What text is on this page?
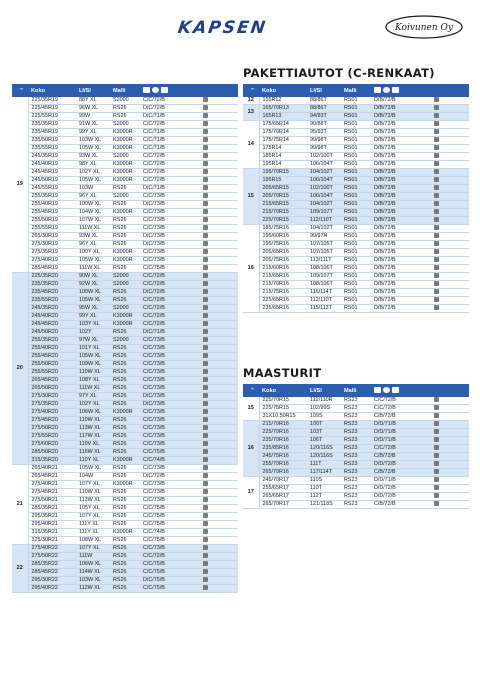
KAPSEN	Koivunen Oy
PAKETTIAUTOT (C-RENKAAT)
MAASTURIT
"	Koko	LI/SI	Malli		

19	225/35R19	88Y XL	S2000	C/C/72/B	
	225/45R19	96W XL	RS26	D/C/72/B	
	225/55R19	99W	RS26	D/C/71/B	
	235/35R19	91W XL	S2000	C/C/72/B	
	235/45R19	99Y XL	K3000R	C/C/71/B	
	235/50R19	103W XL	K3000R	C/C/71/B	
	235/55R19	105W XL	K3000R	C/C/71/B	
	245/35R19	93W XL	S2000	C/C/72/B	
	245/40R19	98Y XL	K3000R	C/C/72/B	
	245/45R19	102Y XL	K3000R	C/C/72/B	
	245/50R19	105W XL	K3000R	C/C/72/B	
	245/55R19	103W	RS26	D/C/71/B	
	255/35R19	96Y XL	S2000	C/C/73/B	
	255/40R19	100W XL	RS26	D/C/73/B	
	255/45R19	104W XL	K3000R	C/C/73/B	
	255/50R19	107W XL	RS26	C/C/73/B	
	255/55R19	111W XL	RS26	C/C/73/B	
	265/30R19	93W XL	RS26	D/C/73/B	
	275/30R19	96Y XL	RS26	D/C/73/B	
	275/35R19	100Y XL	K3000R	C/C/73/B	
	275/40R19	105W XL	K3000R	C/C/73/B	
	285/45R19	111W XL	RS26	C/C/75/B	
20	225/35R20	90W XL	S2000	C/C/72/B	
	235/35R20	92W XL	S2000	C/C/72/B	
	235/45R20	100W XL	RS26	D/C/72/B	
	235/55R20	105W XL	RS26	C/C/72/B	
	245/35R20	95W XL	S2000	C/C/72/B	
	245/40R20	99Y XL	K3000R	C/C/72/B	
	245/45R20	103Y XL	K3000R	C/C/72/B	
	245/50R20	102Y	RS26	D/C/71/B	
	255/35R20	97W XL	S2000	C/C/73/B	
	255/40R20	101Y XL	RS26	C/C/73/B	
	255/45R20	105W XL	RS26	C/C/73/B	
	255/50R20	109W XL	RS26	C/C/73/B	
	255/55R20	110W XL	RS26	C/C/73/B	
	265/45R20	108Y XL	RS26	C/C/73/B	
	265/50R20	111W XL	RS26	C/C/73/B	
	275/30R20	97Y XL	RS26	D/C/73/B	
	275/35R20	102Y XL	RS26	D/C/73/B	
	275/40R20	106W XL	K3000R	C/C/73/B	
	275/45R20	110W XL	RS26	C/C/73/B	
	275/50R20	113W XL	RS26	C/C/73/B	
	275/55R20	117W XL	RS26	C/C/73/B	
	275/60R20	119V XL	RS26	C/C/73/B	
	285/50R20	116W XL	RS26	C/C/75/B	
	315/35R20	110Y XL	K3000R	C/C/74/B	
21	265/40R21	105W XL	RS26	C/C/73/B	
	265/45R21	104W	RS26	D/C/72/B	
	275/40R21	107Y XL	K3000R	C/C/73/B	
	275/45R21	110W XL	RS26	C/C/73/B	
	275/50R21	113W XL	RS26	C/C/73/B	
	285/35R21	105Y XL	RS26	C/C/75/B	
	295/35R21	107Y XL	RS26	C/C/75/B	
	295/40R21	111Y XL	RS26	C/C/75/B	
	315/35R21	111Y XL	K3000R	C/C/74/B	
	325/30R21	108W XL	RS26	C/C/75/B	
22	275/40R22	107Y XL	RS26	C/C/73/B	
	275/50R22	111W	RS26	C/C/72/B	
	285/35R22	106W XL	RS26	C/C/75/B	
	285/45R22	114W XL	RS26	C/C/75/B	
	295/30R22	103W XL	RS26	D/C/75/B	
	295/40R22	112W XL	RS26	C/C/75/B	
"	Koko	LI/SI	Malli		

12	155R12	88/86T	RS01	D/B/72/B	
13	165/70R13	88/86T	RS01	D/B/72/B	
	165R13	94/93T	RS01	D/B/72/B	
14	175/65R14	90/88T	RS01	D/B/72/B	
	175/70R14	95/93T	RS01	D/B/72/B	
	175/75R14	99/98T	RS01	D/B/72/B	
	175R14	99/98T	RS01	D/B/72/B	
	185R14	102/100T	RS01	D/B/72/B	
	195R14	106/104T	RS01	D/B/72/B	
15	195/70R15	104/102T	RS01	D/B/72/B	
	195R15	106/104T	RS01	D/B/72/B	
	205/65R15	102/100T	RS01	D/B/72/B	
	205/70R15	106/104T	RS01	D/B/72/B	
	215/65R15	104/102T	RS01	D/B/72/B	
	215/70R15	109/107T	RS01	D/B/72/B	
	225/70R15	112/110T	RS01	D/B/72/B	
16	185/75R16	104/102T	RS01	D/B/72/B	
	195/60R16	99/97H	RS01	D/B/72/B	
	195/75R16	107/105T	RS01	D/B/72/B	
	205/65R16	107/105T	RS01	D/B/72/B	
	205/75R16	113/111T	RS01	D/B/72/B	
	215/60R16	108/106T	RS01	D/B/72/B	
	215/65R16	109/107T	RS01	D/B/72/B	
	215/70R16	108/106T	RS01	D/B/72/B	
	215/75R16	116/114T	RS01	D/B/72/B	
	225/65R16	112/110T	RS01	D/B/72/B	
	235/65R16	115/113T	RS01	D/B/72/B	
"	Koko	LI/SI	Malli		

15	225/70R15	112/110R	RS23	C/C/72/B	
	225/75R15	102/99S	RS23	C/C/72/B	
	31X10.50R15	109S	RS23	C/B/72/B	
16	215/70R16	100T	RS23	D/D/71/B	
	225/70R16	103T	RS23	D/D/71/B	
	235/70R16	106T	RS23	D/D/71/B	
	235/85R16	120/116S	RS23	C/C/72/B	
	245/75R16	120/116S	RS23	C/B/72/B	
	255/70R16	111T	RS23	D/D/72/B	
	265/70R16	117/114T	RS23	C/B/72/B	
17	245/70R17	110S	RS23	D/D/71/B	
	255/65R17	110T	RS23	D/D/72/B	
	265/65R17	112T	RS23	D/D/72/B	
	265/70R17	121/118S	RS23	C/B/72/B	
